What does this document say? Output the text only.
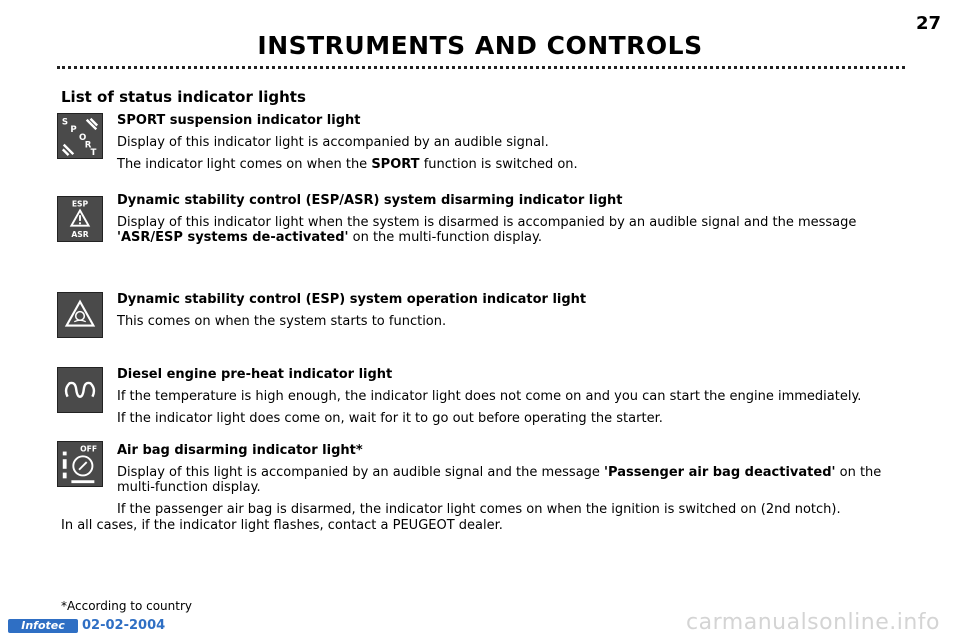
27
INSTRUMENTS AND CONTROLS
List of status indicator lights
S
P
O
R
T

SPORT suspension indicator light

Display of this indicator light is accompanied by an audible signal.

The indicator light comes on when the SPORT function is switched on.

ESP
ASR

Dynamic stability control (ESP/ASR) system disarming indicator light

Display of this indicator light when the system is disarmed is accompanied by an audible signal and the message 'ASR/ESP systems de-activated' on the multi-function display.

Dynamic stability control (ESP) system operation indicator light

This comes on when the system starts to function.

Diesel engine pre-heat indicator light

If the temperature is high enough, the indicator light does not come on and you can start the engine immediately.

If the indicator light does come on, wait for it to go out before operating the starter.

OFF Air bag disarming indicator light*

Display of this light is accompanied by an audible signal and the message 'Passenger air bag deactivated' on the multi-function display.

If the passenger air bag is disarmed, the indicator light comes on when the ignition is switched on (2nd notch).

In all cases, if the indicator light flashes, contact a PEUGEOT dealer.

*According to country
Infotec	02-02-2004	carmanualsonline.info
